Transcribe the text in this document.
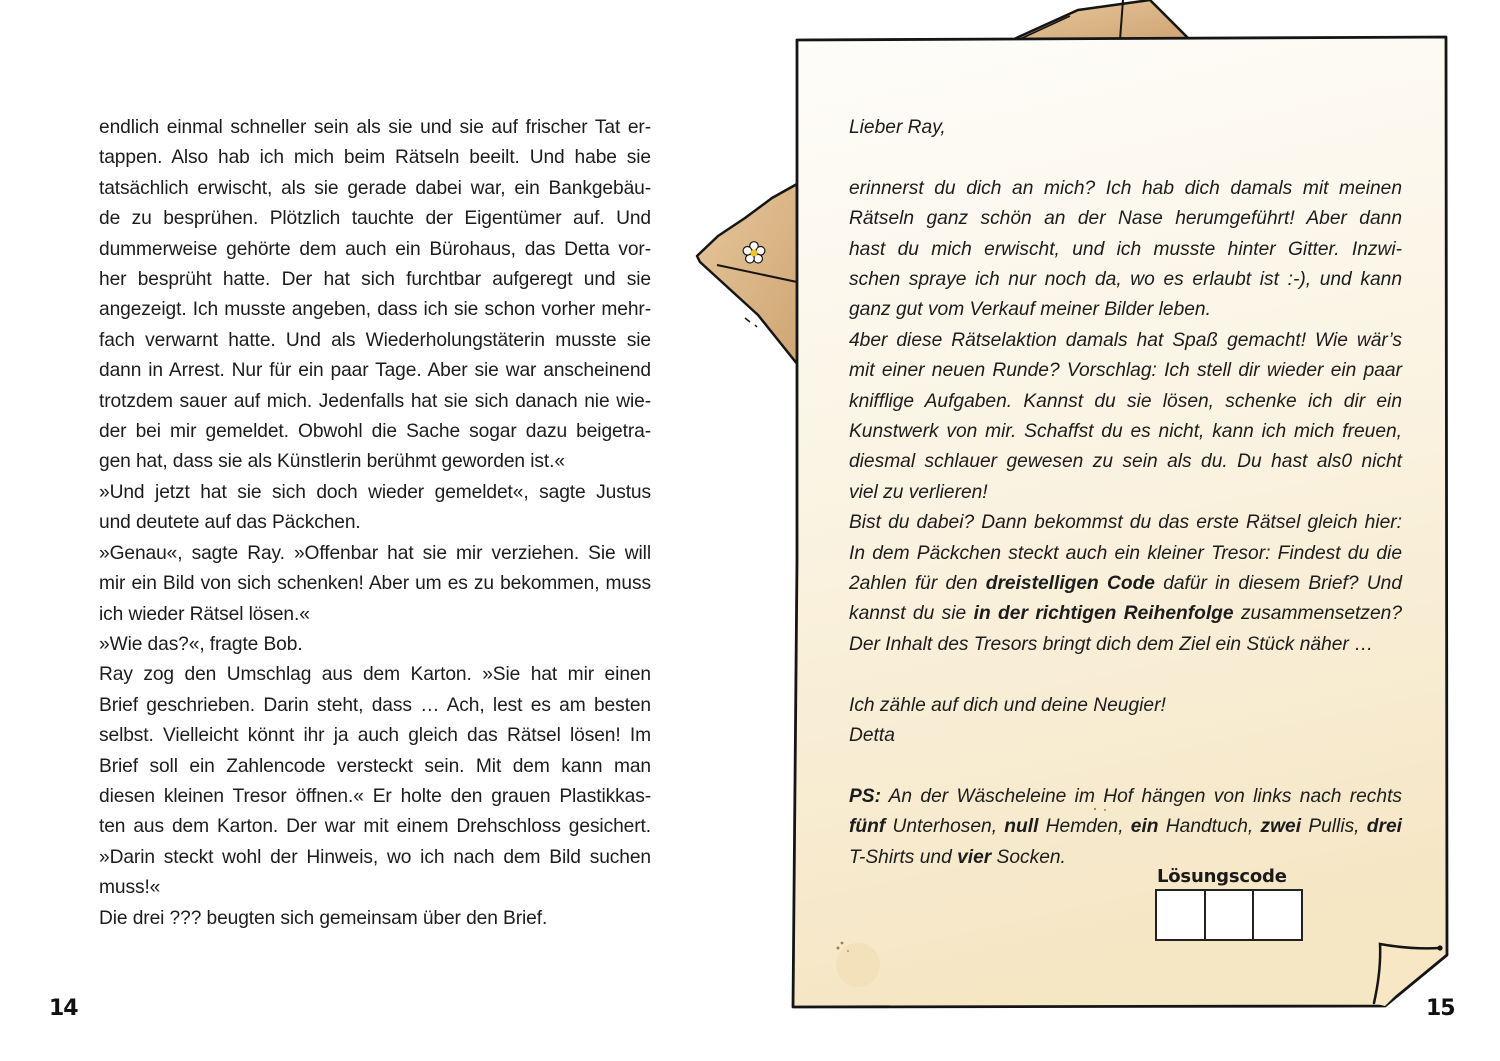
endlich einmal schneller sein als sie und sie auf frischer Tat er-

tappen. Also hab ich mich beim Rätseln beeilt. Und habe sie

tatsächlich erwischt, als sie gerade dabei war, ein Bankgebäu-

de zu besprühen. Plötzlich tauchte der Eigentümer auf. Und

dummerweise gehörte dem auch ein Bürohaus, das Detta vor-

her besprüht hatte. Der hat sich furchtbar aufgeregt und sie

angezeigt. Ich musste angeben, dass ich sie schon vorher mehr-

fach verwarnt hatte. Und als Wiederholungstäterin musste sie

dann in Arrest. Nur für ein paar Tage. Aber sie war anscheinend

trotzdem sauer auf mich. Jedenfalls hat sie sich danach nie wie-

der bei mir gemeldet. Obwohl die Sache sogar dazu beigetra-

gen hat, dass sie als Künstlerin berühmt geworden ist.«

»Und jetzt hat sie sich doch wieder gemeldet«, sagte Justus

und deutete auf das Päckchen.

»Genau«, sagte Ray. »Offenbar hat sie mir verziehen. Sie will

mir ein Bild von sich schenken! Aber um es zu bekommen, muss

ich wieder Rätsel lösen.«

»Wie das?«, fragte Bob.

Ray zog den Umschlag aus dem Karton. »Sie hat mir einen

Brief geschrieben. Darin steht, dass … Ach, lest es am besten

selbst. Vielleicht könnt ihr ja auch gleich das Rätsel lösen! Im

Brief soll ein Zahlencode versteckt sein. Mit dem kann man

diesen kleinen Tresor öffnen.« Er holte den grauen Plastikkas-

ten aus dem Karton. Der war mit einem Drehschloss gesichert.

»Darin steckt wohl der Hinweis, wo ich nach dem Bild suchen

muss!«

Die drei ??? beugten sich gemeinsam über den Brief.

14

Lieber Ray,

erinnerst du dich an mich? Ich hab dich damals mit meinen

Rätseln ganz schön an der Nase herumgeführt! Aber dann

hast du mich erwischt, und ich musste hinter Gitter. Inzwi-

schen spraye ich nur noch da, wo es erlaubt ist :-), und kann

ganz gut vom Verkauf meiner Bilder leben.

4ber diese Rätselaktion damals hat Spaß gemacht! Wie wär’s

mit einer neuen Runde? Vorschlag: Ich stell dir wieder ein paar

knifflige Aufgaben. Kannst du sie lösen, schenke ich dir ein

Kunstwerk von mir. Schaffst du es nicht, kann ich mich freuen,

diesmal schlauer gewesen zu sein als du. Du hast als0 nicht

viel zu verlieren!

Bist du dabei? Dann bekommst du das erste Rätsel gleich hier:

In dem Päckchen steckt auch ein kleiner Tresor: Findest du die

2ahlen für den dreistelligen Code dafür in diesem Brief? Und

kannst du sie in der richtigen Reihenfolge zusammensetzen?

Der Inhalt des Tresors bringt dich dem Ziel ein Stück näher …

Ich zähle auf dich und deine Neugier!

Detta

PS: An der Wäscheleine im Hof hängen von links nach rechts

fünf Unterhosen, null Hemden, ein Handtuch, zwei Pullis, drei

T-Shirts und vier Socken.

Lösungscode
15
